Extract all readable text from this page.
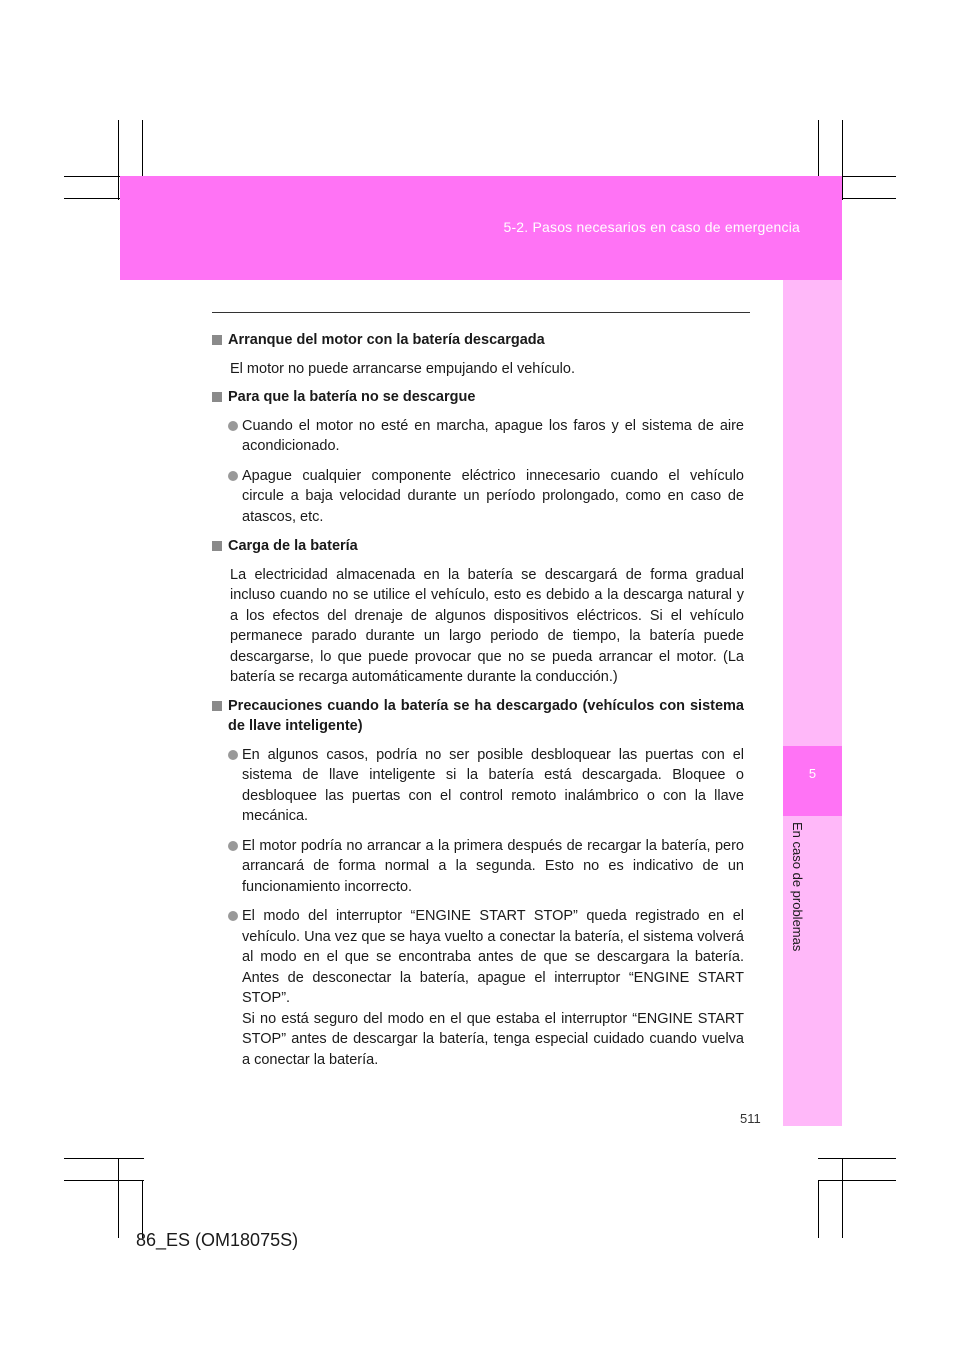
5-2. Pasos necesarios en caso de emergencia
5
En caso de problemas
Arranque del motor con la batería descargada
El motor no puede arrancarse empujando el vehículo.
Para que la batería no se descargue
Cuando el motor no esté en marcha, apague los faros y el sistema de aire acondicionado.
Apague cualquier componente eléctrico innecesario cuando el vehículo circule a baja velocidad durante un período prolongado, como en caso de atascos, etc.
Carga de la batería
La electricidad almacenada en la batería se descargará de forma gradual incluso cuando no se utilice el vehículo, esto es debido a la descarga natural y a los efectos del drenaje de algunos dispositivos eléctricos. Si el vehículo permanece parado durante un largo periodo de tiempo, la batería puede descargarse, lo que puede provocar que no se pueda arrancar el motor. (La batería se recarga automáticamente durante la conducción.)
Precauciones cuando la batería se ha descargado (vehículos con sistema de llave inteligente)
En algunos casos, podría no ser posible desbloquear las puertas con el sistema de llave inteligente si la batería está descargada. Bloquee o desbloquee las puertas con el control remoto inalámbrico o con la llave mecánica.
El motor podría no arrancar a la primera después de recargar la batería, pero arrancará de forma normal a la segunda. Esto no es indicativo de un funcionamiento incorrecto.
El modo del interruptor “ENGINE START STOP” queda registrado en el vehículo. Una vez que se haya vuelto a conectar la batería, el sistema volverá al modo en el que se encontraba antes de que se descargara la batería. Antes de desconectar la batería, apague el interruptor “ENGINE START STOP”.
Si no está seguro del modo en el que estaba el interruptor “ENGINE START STOP” antes de descargar la batería, tenga especial cuidado cuando vuelva a conectar la batería.
511
86_ES (OM18075S)
